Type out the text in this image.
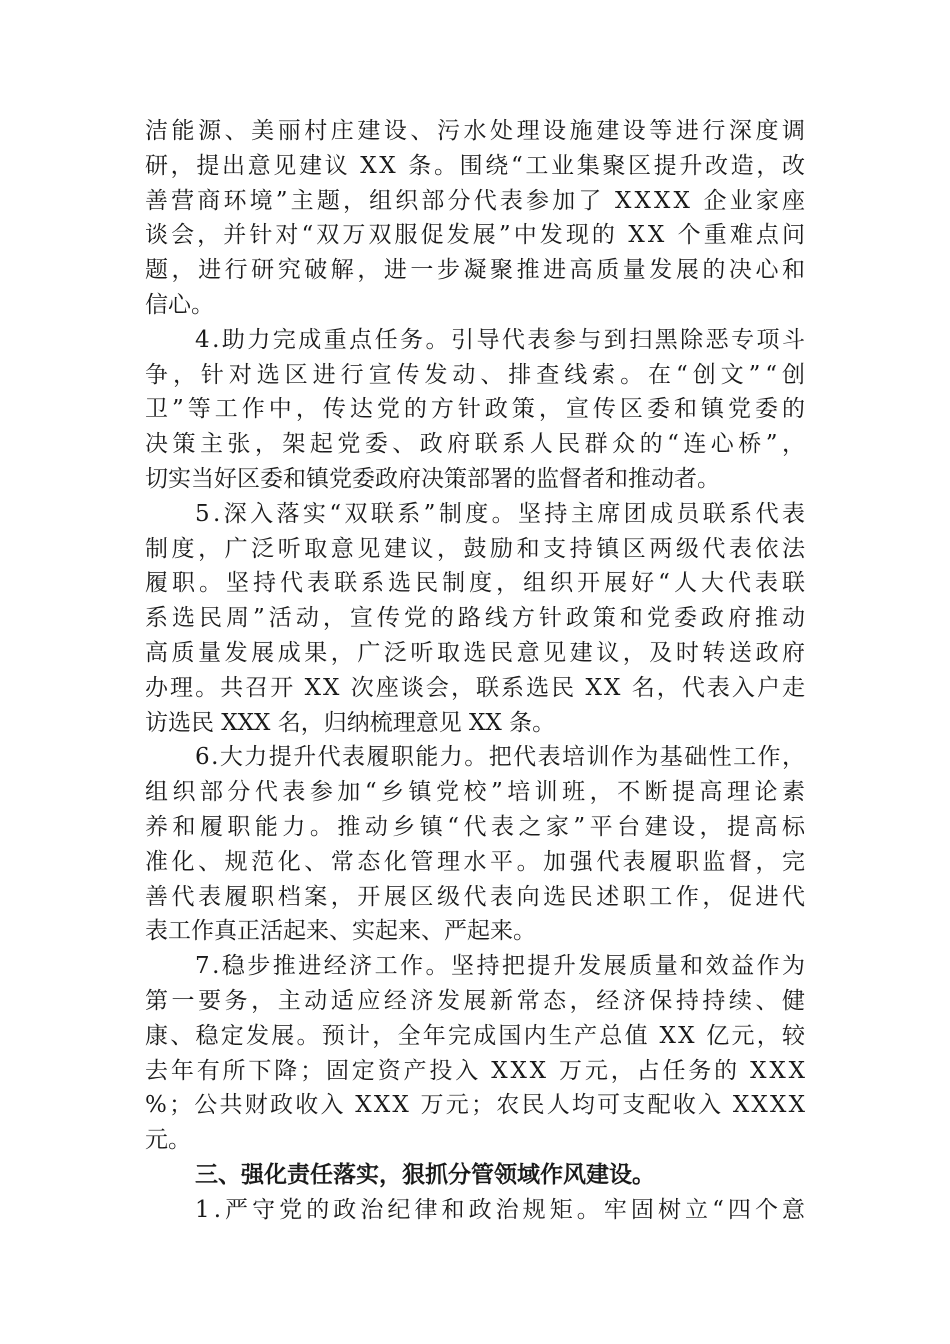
洁能源、美丽村庄建设、污水处理设施建设等进行深度调
研，提出意见建议 XX 条。围绕“工业集聚区提升改造，改
善营商环境”主题，组织部分代表参加了 XXXX 企业家座
谈会，并针对“双万双服促发展”中发现的 XX 个重难点问
题，进行研究破解，进一步凝聚推进高质量发展的决心和
信心。
4.助力完成重点任务。引导代表参与到扫黑除恶专项斗
争，针对选区进行宣传发动、排查线索。在“创文”“创
卫”等工作中，传达党的方针政策，宣传区委和镇党委的
决策主张，架起党委、政府联系人民群众的“连心桥”，
切实当好区委和镇党委政府决策部署的监督者和推动者。
5.深入落实“双联系”制度。坚持主席团成员联系代表
制度，广泛听取意见建议，鼓励和支持镇区两级代表依法
履职。坚持代表联系选民制度，组织开展好“人大代表联
系选民周”活动，宣传党的路线方针政策和党委政府推动
高质量发展成果，广泛听取选民意见建议，及时转送政府
办理。共召开 XX 次座谈会，联系选民 XX 名，代表入户走
访选民 XXX 名，归纳梳理意见 XX 条。
6.大力提升代表履职能力。把代表培训作为基础性工作，
组织部分代表参加“乡镇党校”培训班，不断提高理论素
养和履职能力。推动乡镇“代表之家”平台建设，提高标
准化、规范化、常态化管理水平。加强代表履职监督，完
善代表履职档案，开展区级代表向选民述职工作，促进代
表工作真正活起来、实起来、严起来。
7.稳步推进经济工作。坚持把提升发展质量和效益作为
第一要务，主动适应经济发展新常态，经济保持持续、健
康、稳定发展。预计，全年完成国内生产总值 XX 亿元，较
去年有所下降；固定资产投入 XXX 万元，占任务的 XXX
%；公共财政收入 XXX 万元；农民人均可支配收入 XXXX
元。
三、强化责任落实，狠抓分管领域作风建设。
1.严守党的政治纪律和政治规矩。牢固树立“四个意
